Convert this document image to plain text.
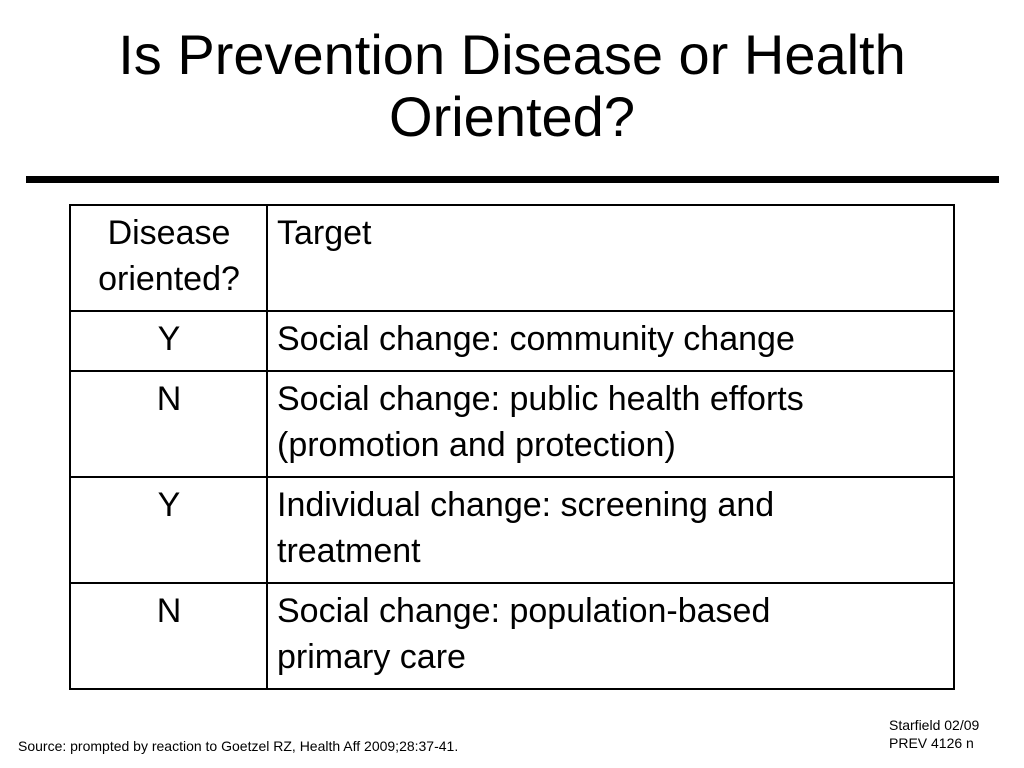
Is Prevention Disease or Health
Oriented?
Disease
oriented?	Target
Y	Social change: community change
N	Social change: public health efforts
(promotion and protection)
Y	Individual change: screening and
treatment
N	Social change: population-based
primary care
Source: prompted by reaction to Goetzel RZ, Health Aff 2009;28:37-41.
Starfield 02/09
PREV 4126 n
